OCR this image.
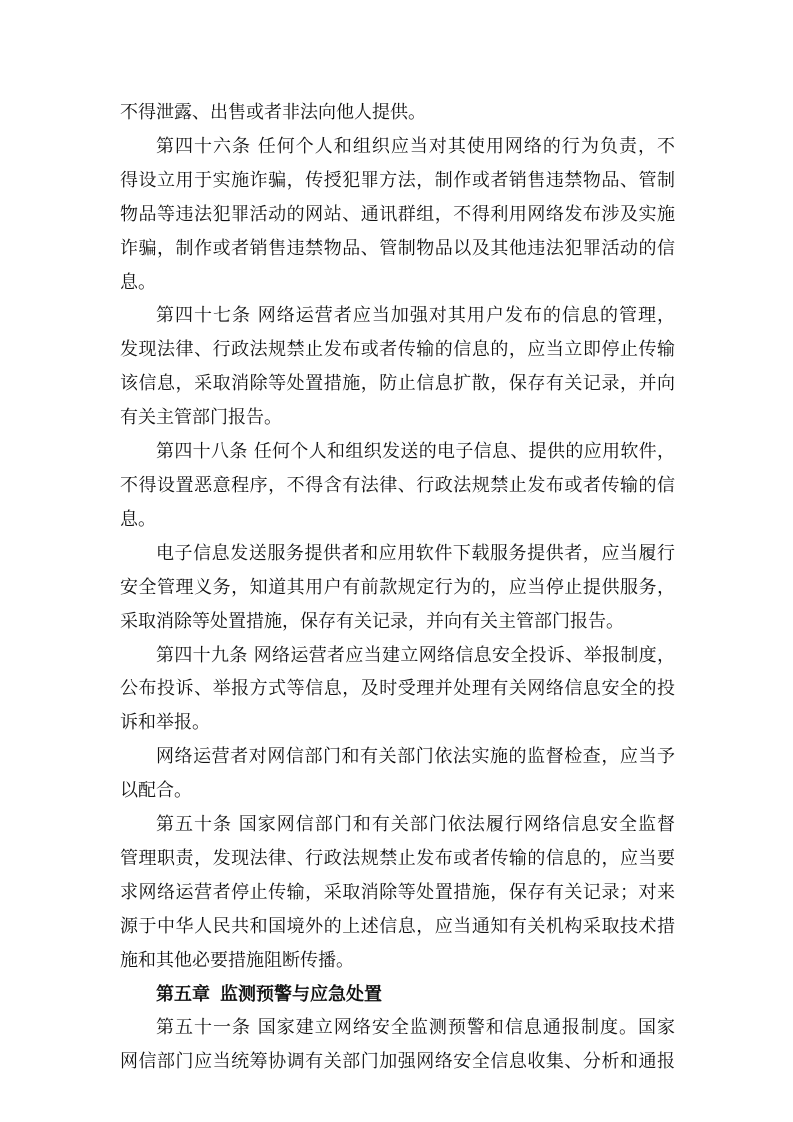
不得泄露、出售或者非法向他人提供。
第四十六条 任何个人和组织应当对其使用网络的行为负责，不
得设立用于实施诈骗，传授犯罪方法，制作或者销售违禁物品、管制
物品等违法犯罪活动的网站、通讯群组，不得利用网络发布涉及实施
诈骗，制作或者销售违禁物品、管制物品以及其他违法犯罪活动的信
息。
第四十七条 网络运营者应当加强对其用户发布的信息的管理，
发现法律、行政法规禁止发布或者传输的信息的，应当立即停止传输
该信息，采取消除等处置措施，防止信息扩散，保存有关记录，并向
有关主管部门报告。
第四十八条 任何个人和组织发送的电子信息、提供的应用软件，
不得设置恶意程序，不得含有法律、行政法规禁止发布或者传输的信
息。
电子信息发送服务提供者和应用软件下载服务提供者，应当履行
安全管理义务，知道其用户有前款规定行为的，应当停止提供服务，
采取消除等处置措施，保存有关记录，并向有关主管部门报告。
第四十九条 网络运营者应当建立网络信息安全投诉、举报制度，
公布投诉、举报方式等信息，及时受理并处理有关网络信息安全的投
诉和举报。
网络运营者对网信部门和有关部门依法实施的监督检查，应当予
以配合。
第五十条 国家网信部门和有关部门依法履行网络信息安全监督
管理职责，发现法律、行政法规禁止发布或者传输的信息的，应当要
求网络运营者停止传输，采取消除等处置措施，保存有关记录；对来
源于中华人民共和国境外的上述信息，应当通知有关机构采取技术措
施和其他必要措施阻断传播。
第五章 监测预警与应急处置
第五十一条 国家建立网络安全监测预警和信息通报制度。国家
网信部门应当统筹协调有关部门加强网络安全信息收集、分析和通报
